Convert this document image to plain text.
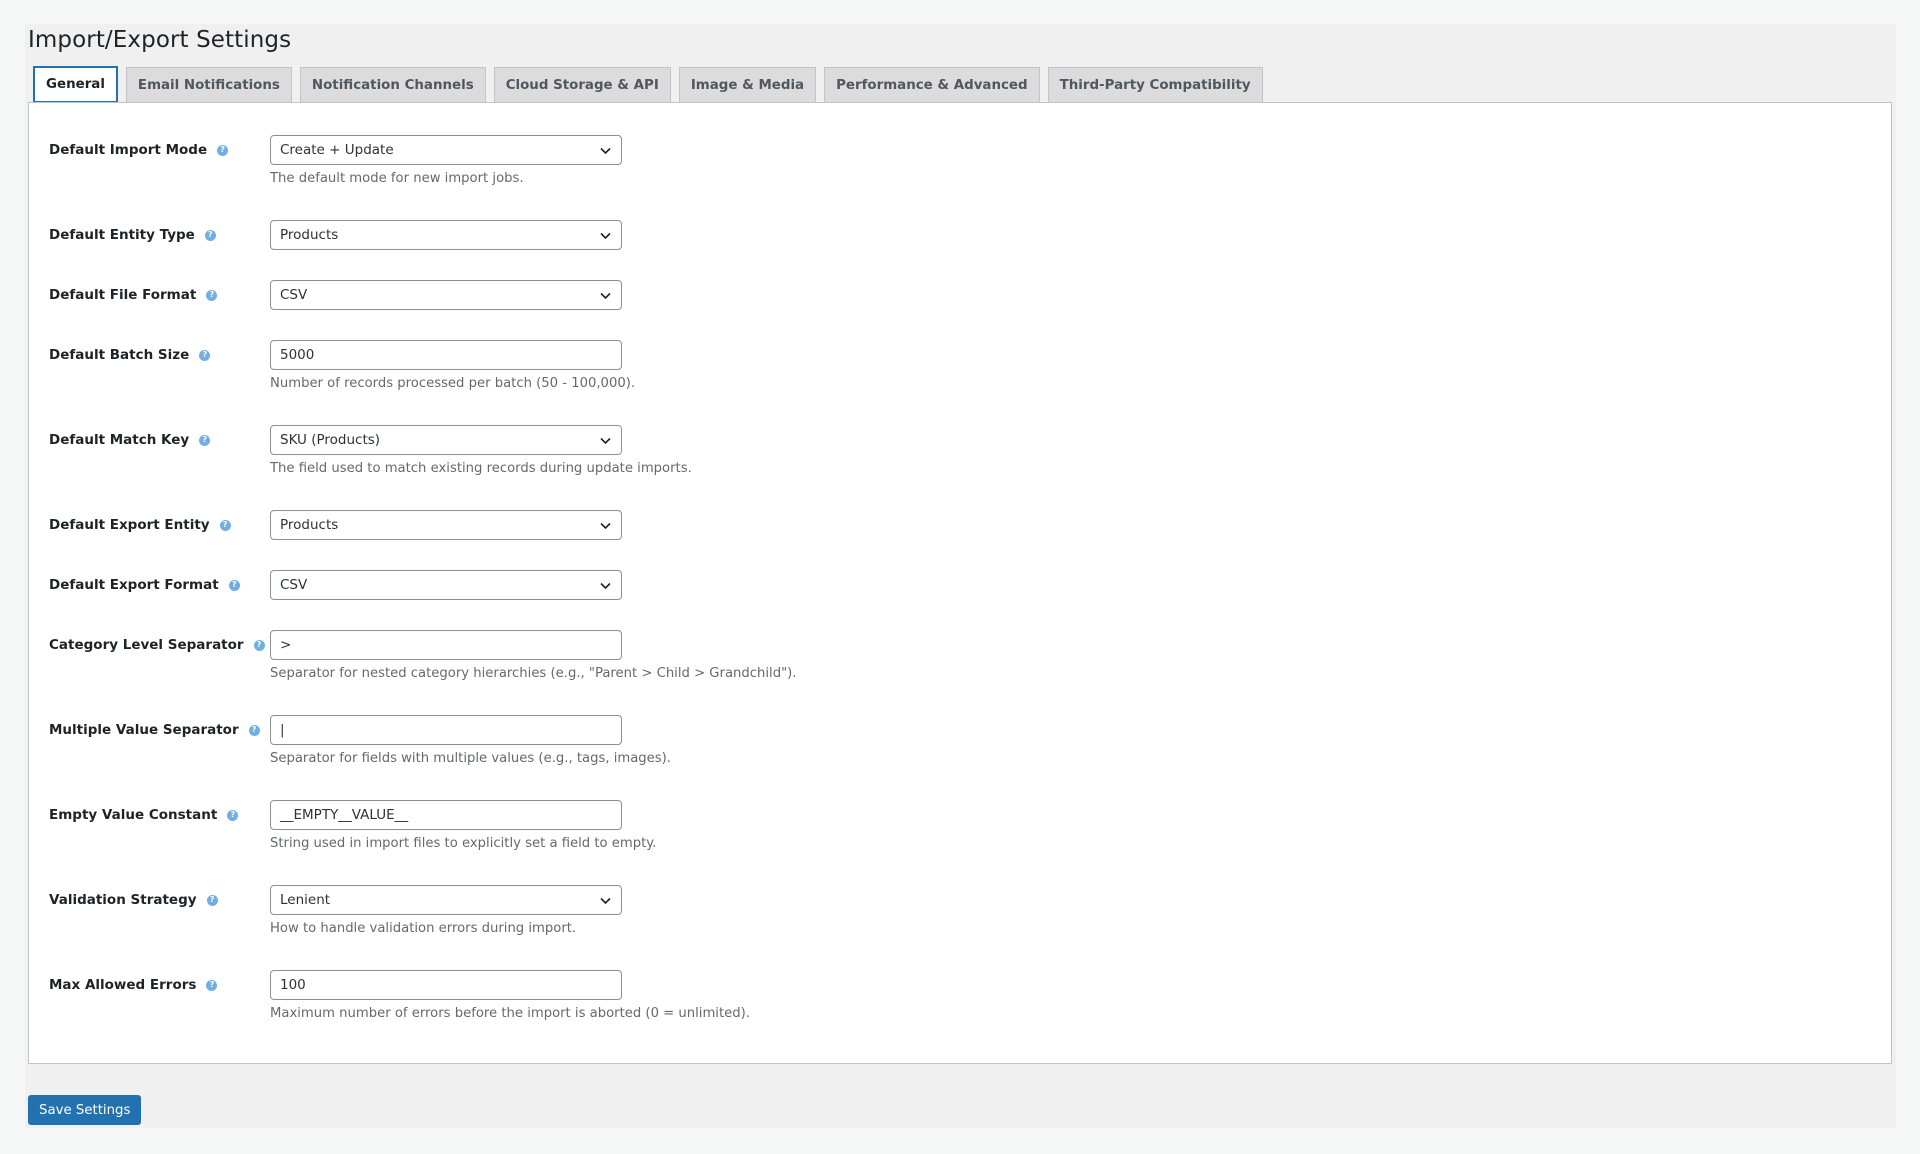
Import/Export Settings
General	Email Notifications	Notification Channels	Cloud Storage & API	Image & Media	Performance & Advanced	Third-Party Compatibility
Default Import Mode	?	Create + Update
The default mode for new import jobs.
Default Entity Type	?	Products
Default File Format	?	CSV
Default Batch Size	?	5000
Number of records processed per batch (50 - 100,000).
Default Match Key	?	SKU (Products)
The field used to match existing records during update imports.
Default Export Entity	?	Products
Default Export Format	?	CSV
Category Level Separator	? >
Separator for nested category hierarchies (e.g., "Parent > Child > Grandchild").
Multiple Value Separator	? |
Separator for fields with multiple values (e.g., tags, images).
Empty Value Constant	?	__EMPTY__VALUE__
String used in import files to explicitly set a field to empty.
Validation Strategy	?	Lenient
How to handle validation errors during import.
Max Allowed Errors	?	100
Maximum number of errors before the import is aborted (0 = unlimited).
Save Settings
